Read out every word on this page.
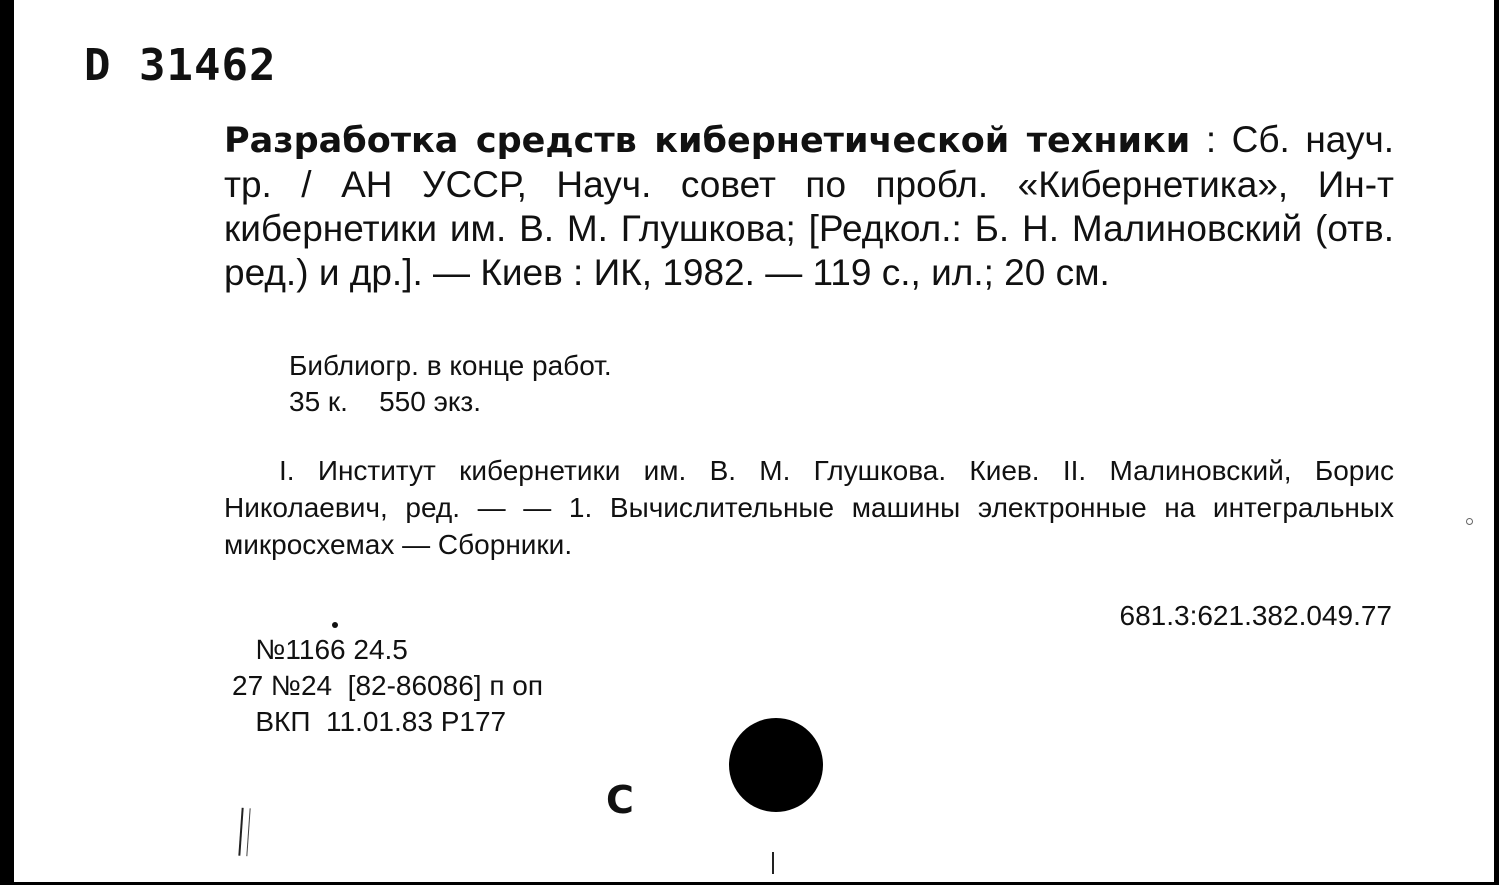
D 31462
Разработка средств кибернетической техники : Сб. науч. тр. / АН УССР, Науч. совет по пробл. «Кибернетика», Ин-т кибернетики им. В. М. Глушкова; [Редкол.: Б. Н. Малиновский (отв. ред.) и др.]. — Киев : ИК, 1982. — 119 с., ил.; 20 см.
Библиогр. в конце работ.
35 к.    550 экз.
I. Институт кибернетики им. В. М. Глушкова. Киев. II. Малиновский, Борис Николаевич, ред. — — 1. Вычислительные машины электронные на интегральных микросхемах — Сборники.
681.3:621.382.049.77
№1166 24.5
27 №24  [82-86086] п оп
ВКП  11.01.83 Р177
С
